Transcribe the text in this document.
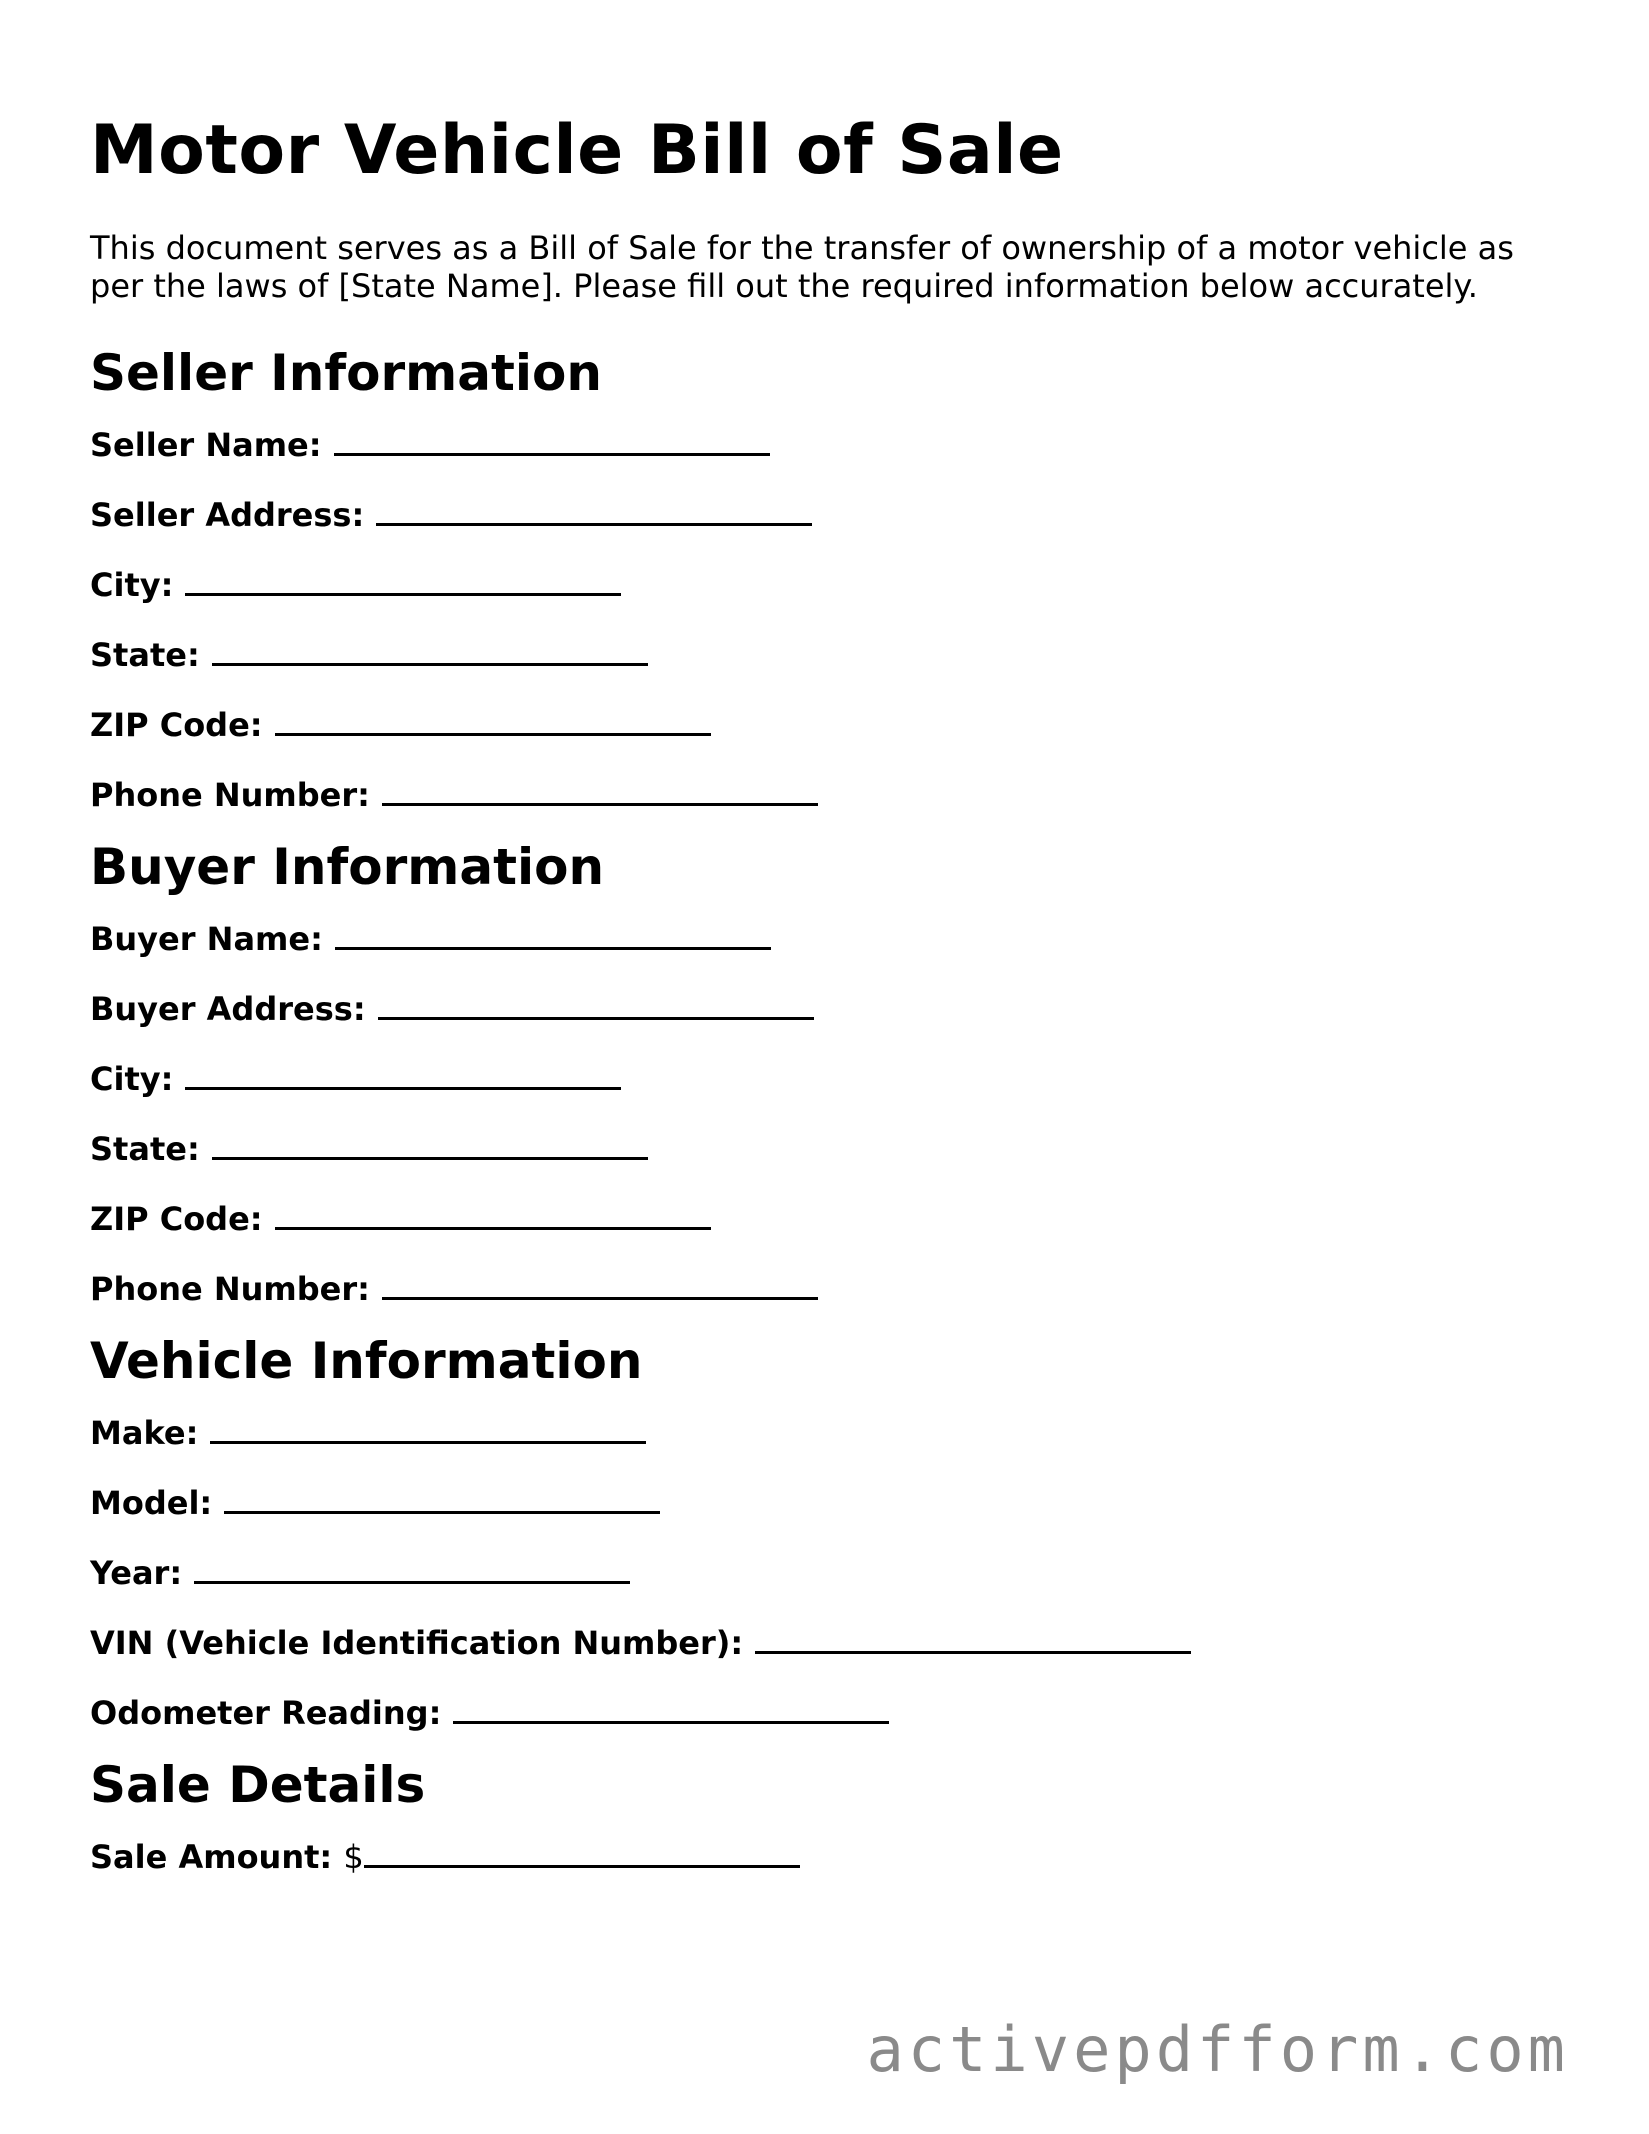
Motor Vehicle Bill of Sale

This document serves as a Bill of Sale for the transfer of ownership of a motor vehicle as per the laws of [State Name]. Please fill out the required information below accurately.

Seller Information
Seller Name:
Seller Address:
City:
State:
ZIP Code:
Phone Number:
Buyer Information
Buyer Name:
Buyer Address:
City:
State:
ZIP Code:
Phone Number:
Vehicle Information
Make:
Model:
Year:
VIN (Vehicle Identification Number):
Odometer Reading:
Sale Details
Sale Amount: $
activepdfform.com
